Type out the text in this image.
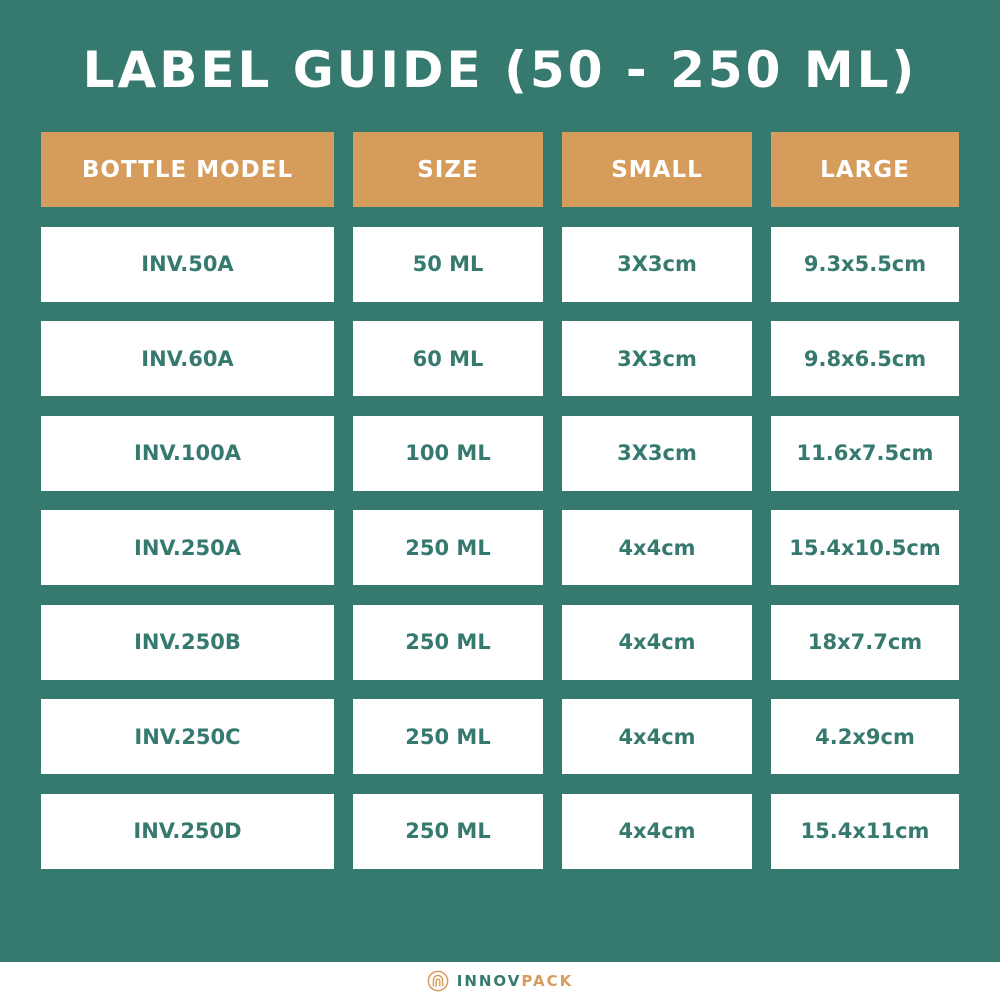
LABEL GUIDE (50 - 250 ML)
BOTTLE MODEL	SIZE	SMALL	LARGE
INV.50A	50 ML	3X3cm	9.3x5.5cm
INV.60A	60 ML	3X3cm	9.8x6.5cm
INV.100A	100 ML	3X3cm	11.6x7.5cm
INV.250A	250 ML	4x4cm	15.4x10.5cm
INV.250B	250 ML	4x4cm	18x7.7cm
INV.250C	250 ML	4x4cm	4.2x9cm
INV.250D	250 ML	4x4cm	15.4x11cm
INNOVPACK
